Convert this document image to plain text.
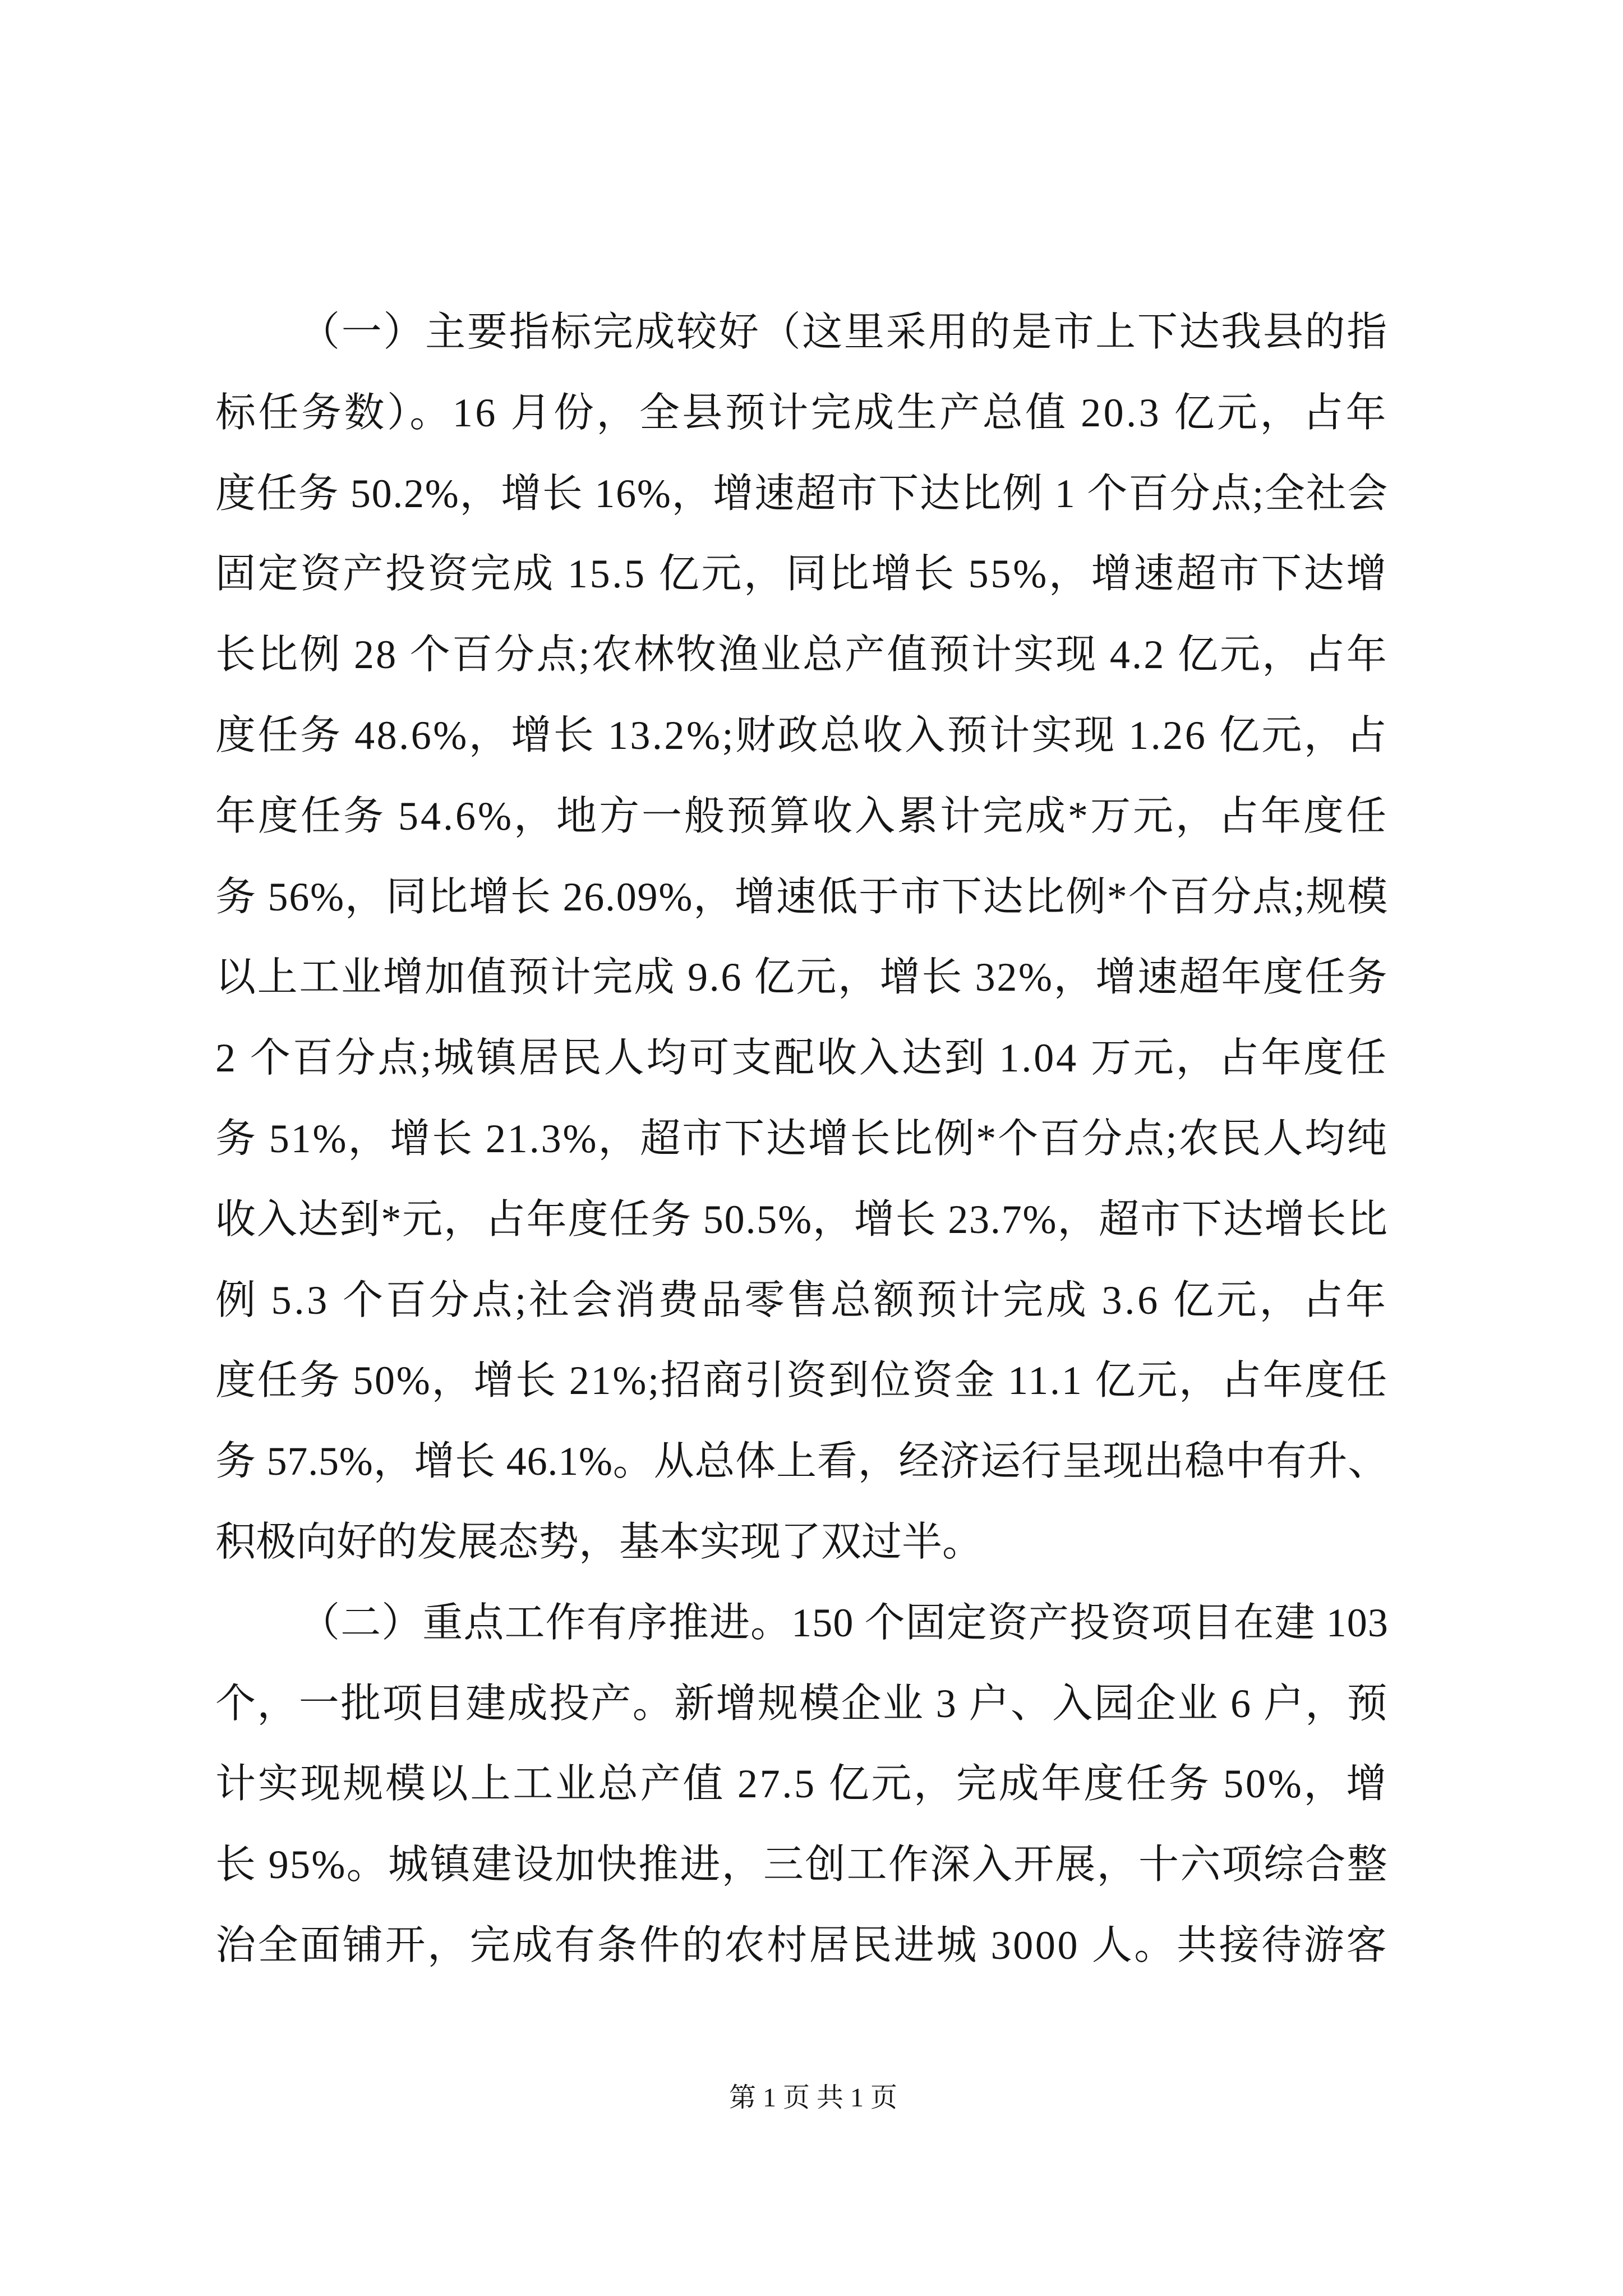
（一）主要指标完成较好（这里采用的是市上下达我县的指
标任务数）。16 月份，全县预计完成生产总值 20.3 亿元，占年
度任务 50.2%，增长 16%，增速超市下达比例 1 个百分点;全社会
固定资产投资完成 15.5 亿元，同比增长 55%，增速超市下达增
长比例 28 个百分点;农林牧渔业总产值预计实现 4.2 亿元，占年
度任务 48.6%，增长 13.2%;财政总收入预计实现 1.26 亿元，占
年度任务 54.6%，地方一般预算收入累计完成*万元，占年度任
务 56%，同比增长 26.09%，增速低于市下达比例*个百分点;规模
以上工业增加值预计完成 9.6 亿元，增长 32%，增速超年度任务
2 个百分点;城镇居民人均可支配收入达到 1.04 万元，占年度任
务 51%，增长 21.3%，超市下达增长比例*个百分点;农民人均纯
收入达到*元，占年度任务 50.5%，增长 23.7%，超市下达增长比
例 5.3 个百分点;社会消费品零售总额预计完成 3.6 亿元，占年
度任务 50%，增长 21%;招商引资到位资金 11.1 亿元，占年度任
务 57.5%，增长 46.1%。从总体上看，经济运行呈现出稳中有升、
积极向好的发展态势，基本实现了双过半。
（二）重点工作有序推进。150 个固定资产投资项目在建 103
个，一批项目建成投产。新增规模企业 3 户、入园企业 6 户，预
计实现规模以上工业总产值 27.5 亿元，完成年度任务 50%，增
长 95%。城镇建设加快推进，三创工作深入开展，十六项综合整
治全面铺开，完成有条件的农村居民进城 3000 人。共接待游客
第 1 页 共 1 页
